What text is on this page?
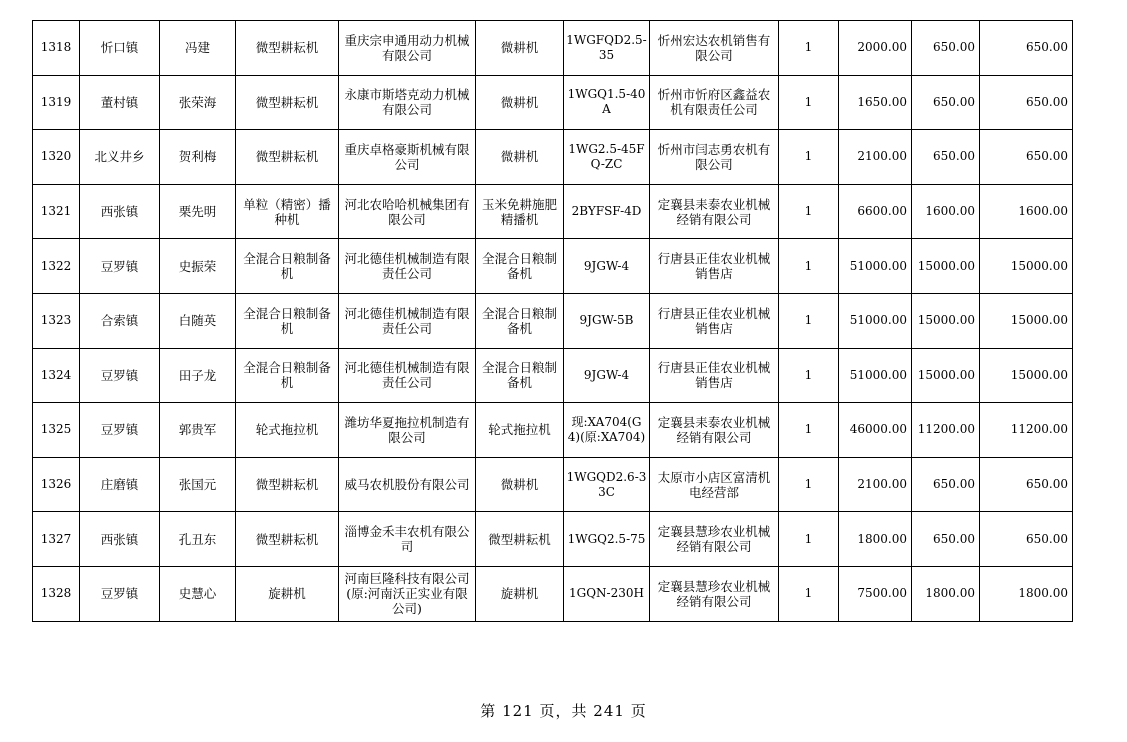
1318	忻口镇	冯建	微型耕耘机	重庆宗申通用动力机械有限公司	微耕机	1WGFQD2.5-35	忻州宏达农机销售有限公司	1	2000.00	650.00	650.00
1319	董村镇	张荣海	微型耕耘机	永康市斯塔克动力机械有限公司	微耕机	1WGQ1.5-40A	忻州市忻府区鑫益农机有限责任公司	1	1650.00	650.00	650.00
1320	北义井乡	贺利梅	微型耕耘机	重庆卓格豪斯机械有限公司	微耕机	1WG2.5-45FQ-ZC	忻州市闫志勇农机有限公司	1	2100.00	650.00	650.00
1321	西张镇	栗先明	单粒（精密）播种机	河北农哈哈机械集团有限公司	玉米免耕施肥精播机	2BYFSF-4D	定襄县耒泰农业机械经销有限公司	1	6600.00	1600.00	1600.00
1322	豆罗镇	史振荣	全混合日粮制备机	河北德佳机械制造有限责任公司	全混合日粮制备机	9JGW-4	行唐县正佳农业机械销售店	1	51000.00	15000.00	15000.00
1323	合索镇	白随英	全混合日粮制备机	河北德佳机械制造有限责任公司	全混合日粮制备机	9JGW-5B	行唐县正佳农业机械销售店	1	51000.00	15000.00	15000.00
1324	豆罗镇	田子龙	全混合日粮制备机	河北德佳机械制造有限责任公司	全混合日粮制备机	9JGW-4	行唐县正佳农业机械销售店	1	51000.00	15000.00	15000.00
1325	豆罗镇	郭贵军	轮式拖拉机	潍坊华夏拖拉机制造有限公司	轮式拖拉机	现:XA704(G4)(原:XA704)	定襄县耒泰农业机械经销有限公司	1	46000.00	11200.00	11200.00
1326	庄磨镇	张国元	微型耕耘机	威马农机股份有限公司	微耕机	1WGQD2.6-33C	太原市小店区富清机电经营部	1	2100.00	650.00	650.00
1327	西张镇	孔丑东	微型耕耘机	淄博金禾丰农机有限公司	微型耕耘机	1WGQ2.5-75	定襄县慧珍农业机械经销有限公司	1	1800.00	650.00	650.00
1328	豆罗镇	史慧心	旋耕机	河南巨隆科技有限公司(原:河南沃正实业有限公司)	旋耕机	1GQN-230H	定襄县慧珍农业机械经销有限公司	1	7500.00	1800.00	1800.00
第 121 页，共 241 页
